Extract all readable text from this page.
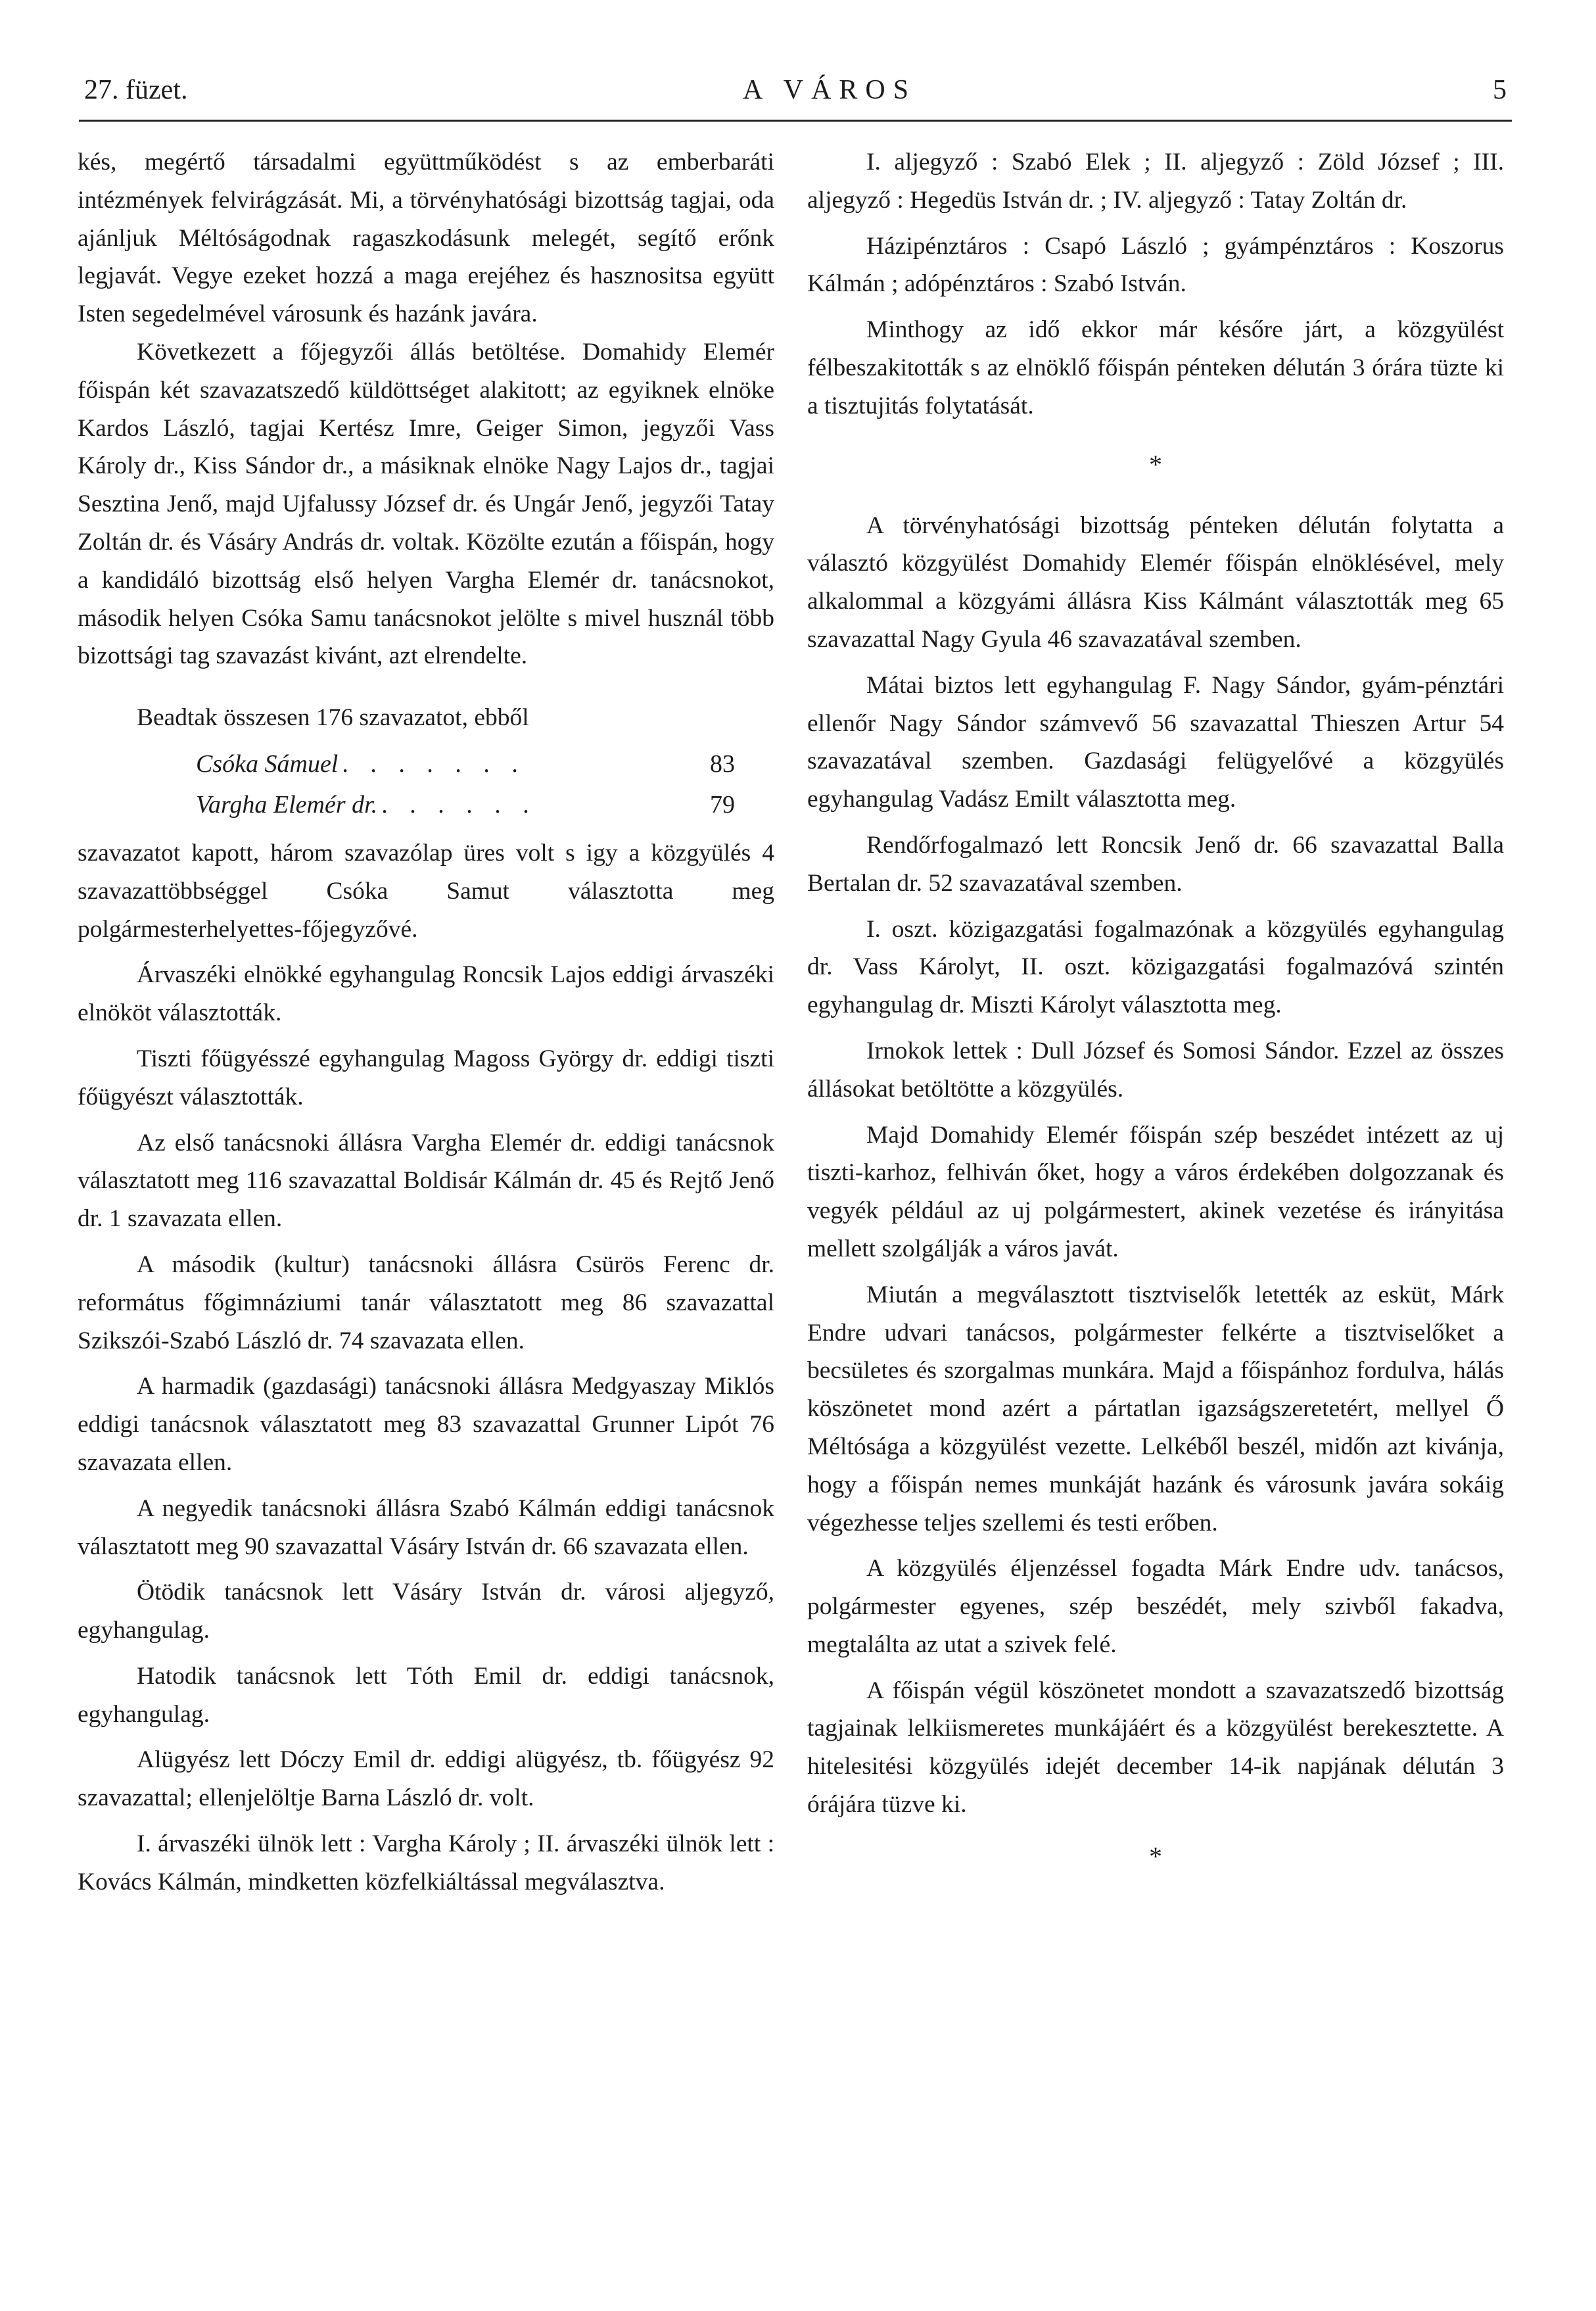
27. füzet.	A VÁROS	5

kés, megértő társadalmi együttműködést s az emberbaráti intézmények felvirágzását. Mi, a törvényhatósági bizottság tagjai, oda ajánljuk Méltóságodnak ragaszkodásunk melegét, segítő erőnk legjavát. Vegye ezeket hozzá a maga erejéhez és hasznositsa együtt Isten segedelmével városunk és hazánk javára.

Következett a főjegyzői állás betöltése. Domahidy Elemér főispán két szavazatszedő küldöttséget alakitott; az egyiknek elnöke Kardos László, tagjai Kertész Imre, Geiger Simon, jegyzői Vass Károly dr., Kiss Sándor dr., a másiknak elnöke Nagy Lajos dr., tagjai Sesztina Jenő, majd Ujfalussy József dr. és Ungár Jenő, jegyzői Tatay Zoltán dr. és Vásáry András dr. voltak. Közölte ezután a főispán, hogy a kandidáló bizottság első helyen Vargha Elemér dr. tanácsnokot, második helyen Csóka Samu tanácsnokot jelölte s mivel husznál több bizottsági tag szavazást kivánt, azt elrendelte.

Beadtak összesen 176 szavazatot, ebből

Csóka Sámuel . . . . . . .	83
Vargha Elemér dr. . . . . . .	79

szavazatot kapott, három szavazólap üres volt s igy a közgyülés 4 szavazattöbbséggel Csóka Samut választotta meg polgármesterhelyettes-főjegyzővé.

Árvaszéki elnökké egyhangulag Roncsik Lajos eddigi árvaszéki elnököt választották.

Tiszti főügyésszé egyhangulag Magoss György dr. eddigi tiszti főügyészt választották.

Az első tanácsnoki állásra Vargha Elemér dr. eddigi tanácsnok választatott meg 116 szavazattal Boldisár Kálmán dr. 45 és Rejtő Jenő dr. 1 szavazata ellen.

A második (kultur) tanácsnoki állásra Csürös Ferenc dr. református főgimnáziumi tanár választatott meg 86 szavazattal Szikszói-Szabó László dr. 74 szavazata ellen.

A harmadik (gazdasági) tanácsnoki állásra Medgyaszay Miklós eddigi tanácsnok választatott meg 83 szavazattal Grunner Lipót 76 szavazata ellen.

A negyedik tanácsnoki állásra Szabó Kálmán eddigi tanácsnok választatott meg 90 szavazattal Vásáry István dr. 66 szavazata ellen.

Ötödik tanácsnok lett Vásáry István dr. városi aljegyző, egyhangulag.

Hatodik tanácsnok lett Tóth Emil dr. eddigi tanácsnok, egyhangulag.

Alügyész lett Dóczy Emil dr. eddigi alügyész, tb. főügyész 92 szavazattal; ellenjelöltje Barna László dr. volt.

I. árvaszéki ülnök lett : Vargha Károly ; II. árvaszéki ülnök lett : Kovács Kálmán, mindketten közfelkiáltással megválasztva.

I. aljegyző : Szabó Elek ; II. aljegyző : Zöld József ; III. aljegyző : Hegedüs István dr. ; IV. aljegyző : Tatay Zoltán dr.

Házipénztáros : Csapó László ; gyámpénztáros : Koszorus Kálmán ; adópénztáros : Szabó István.

Minthogy az idő ekkor már későre járt, a közgyülést félbeszakitották s az elnöklő főispán pénteken délután 3 órára tüzte ki a tisztujitás folytatását.

*

A törvényhatósági bizottság pénteken délután folytatta a választó közgyülést Domahidy Elemér főispán elnöklésével, mely alkalommal a közgyámi állásra Kiss Kálmánt választották meg 65 szavazattal Nagy Gyula 46 szavazatával szemben.

Mátai biztos lett egyhangulag F. Nagy Sándor, gyám-pénztári ellenőr Nagy Sándor számvevő 56 szavazattal Thieszen Artur 54 szavazatával szemben. Gazdasági felügyelővé a közgyülés egyhangulag Vadász Emilt választotta meg.

Rendőrfogalmazó lett Roncsik Jenő dr. 66 szavazattal Balla Bertalan dr. 52 szavazatával szemben.

I. oszt. közigazgatási fogalmazónak a közgyülés egyhangulag dr. Vass Károlyt, II. oszt. közigazgatási fogalmazóvá szintén egyhangulag dr. Miszti Károlyt választotta meg.

Irnokok lettek : Dull József és Somosi Sándor. Ezzel az összes állásokat betöltötte a közgyülés.

Majd Domahidy Elemér főispán szép beszédet intézett az uj tiszti-karhoz, felhiván őket, hogy a város érdekében dolgozzanak és vegyék például az uj polgármestert, akinek vezetése és irányitása mellett szolgálják a város javát.

Miután a megválasztott tisztviselők letették az esküt, Márk Endre udvari tanácsos, polgármester felkérte a tisztviselőket a becsületes és szorgalmas munkára. Majd a főispánhoz fordulva, hálás köszönetet mond azért a pártatlan igazságszeretetért, mellyel Ő Méltósága a közgyülést vezette. Lelkéből beszél, midőn azt kivánja, hogy a főispán nemes munkáját hazánk és városunk javára sokáig végezhesse teljes szellemi és testi erőben.

A közgyülés éljenzéssel fogadta Márk Endre udv. tanácsos, polgármester egyenes, szép beszédét, mely szivből fakadva, megtalálta az utat a szivek felé.

A főispán végül köszönetet mondott a szavazatszedő bizottság tagjainak lelkiismeretes munkájáért és a közgyülést berekesztette. A hitelesitési közgyülés idejét december 14-ik napjának délután 3 órájára tüzve ki.

*
